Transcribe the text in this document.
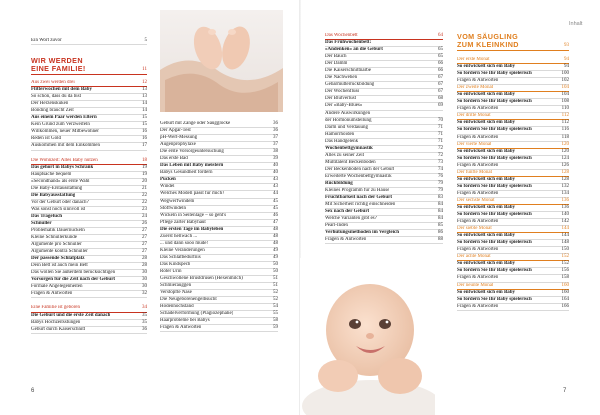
Inhalt
Ein Wort zuvor	5
WIR WERDEN
EINE FAMILIE!	11
Aus zwei werden drei	12
Flitterwochen mit dem Baby	13
So schön, dass du da bist	13
Der Herzensküken	14
Bonding braucht Zeit	14
Aus einem Paar werden Eltern	15
Kein Grund zum Verzweifeln	15
Willkommen, neuer Mitbewohner	16
Reden ist Gold	16
Auskommen mit dem Einkommen	17
Die Wohnzeit: Alles Baby nutzen	18
Das gehört in Babys Schrank	19
Hauptsache bequem	19
«Secondhand» als erste Wahl	20
Die Baby-Erstausstattung	21
Die Babyausstattung	22
Vor der Geburt oder danach?	22
Was sonst noch sinnvoll ist	23
Das Tragetuch	24
Schnuller	26
Problematik Dauernuckeln	27
Kleine Schnullerkunde	27
Argumente pro Schnuller	27
Argumente kontra Schnuller	27
Der passende Schlafplatz	28
Dein Bett ist auch mein Bett	28
Das wollen Sie außerdem berücksichtigen	30
Vorsorgen für die Zeit nach der Geburt	30
Formale Angelegenheiten	30
Fragen & Antworten	32
Eine Familie ist geboren	34
Die Geburt und die erste Zeit danach	35
Babys Hochzeitsstungen	35
Geburt durch Kaiserschnitt	36
Geburt mit Zange oder Saugglocke	36
Der Apgar-Test	36
pH-Wert-Messung	37
Augenprophylaxe	37
Die erste Vorsorgeuntersuchung	38
Das erste Bad	39
Das Leben mit Baby meistern	40
Babys Gesundheit fördern	40
Pucken	43
Windel	43
Welches Modell passt für mich?	44
Wegwerfwindeln	45
Stoffwindeln	45
Wickeln in Seitenlage – so geht's	46
Pflege zarter Babyhaut	47
Die ersten Tage im Babyleben	48
Zuerst hellwach ...	48
... und dann sooo müde!	48
Kleine Veränderungen	49
Das Schlafbedürfnis	49
Das Kindspech	50
Roter Urin	50
Geschwollene Brustdrüsen (Hexenmilch)	51
Schmierauggen	51
Verstopfte Nase	52
Die Neugeborenengelbsucht	52
Hodenhochstand	54
Schädelverformung (Plagiozephalie)	55
Haarprobleme bei Babys	58
Fragen & Antworten	59
6
Das Wochenbett	64
Das Frühwochenbett:
«Andenken» an die Geburt	65
Der Bauch	65
Der Damm	66
Die Kaiserschnittnarbe	66
Die Nachwehen	67
Gebärmutterrückbildung	67
Der Wochenfluss	67
Der Blutverlust	68
Der «Baby-Blues»	69
Andere Auswirkungen
der Hormonumstellung	70
Darm und Verdauung	71
Hämorrhoiden	71
Das Handgelenk	71
Wochenbettgymnastik	72
Alles zu seiner Zeit	72
Multitalent Beckenboden	73
Der Beckenboden nach der Geburt	74
Erweiterte Wochenbettgymnastik	76
Rückbildung	79
Kleines Programm für zu Hause	79
Fruchtbarkeit nach der Geburt	83
Mit Sicherheit richtig einschneiden	84
Sex nach der Geburt	84
Welche Varianten gibt es?	84
Pearl-Index	85
Verhütungsmethoden im Vergleich	86
Fragen & Antworten	88
VOM SÄUGLING
ZUM KLEINKIND	93
Der erste Monat	94
So entwickelt sich ein Baby	94
So fördern Sie Ihr Baby spielerisch	100
Fragen & Antworten	102
Der zweite Monat	104
So entwickelt sich ein Baby	104
So fördern Sie Ihr Baby spielerisch	108
Fragen & Antworten	110
Der dritte Monat	112
So entwickelt sich ein Baby	112
So fördern Sie Ihr Baby spielerisch	116
Fragen & Antworten	118
Der vierte Monat	120
So entwickelt sich ein Baby	120
So fördern Sie Ihr Baby spielerisch	124
Fragen & Antworten	126
Der fünfte Monat	128
So entwickelt sich ein Baby	128
So fördern Sie Ihr Baby spielerisch	132
Fragen & Antworten	134
Der sechste Monat	136
So entwickelt sich ein Baby	136
So fördern Sie Ihr Baby spielerisch	140
Fragen & Antworten	142
Der siebte Monat	144
So entwickelt sich ein Baby	144
So fördern Sie Ihr Baby spielerisch	148
Fragen & Antworten	150
Der achte Monat	152
So entwickelt sich ein Baby	152
So fördern Sie Ihr Baby spielerisch	156
Fragen & Antworten	158
Der neunte Monat	160
So entwickelt sich ein Baby	160
So fördern Sie Ihr Baby spielerisch	164
Fragen & Antworten	166
7
